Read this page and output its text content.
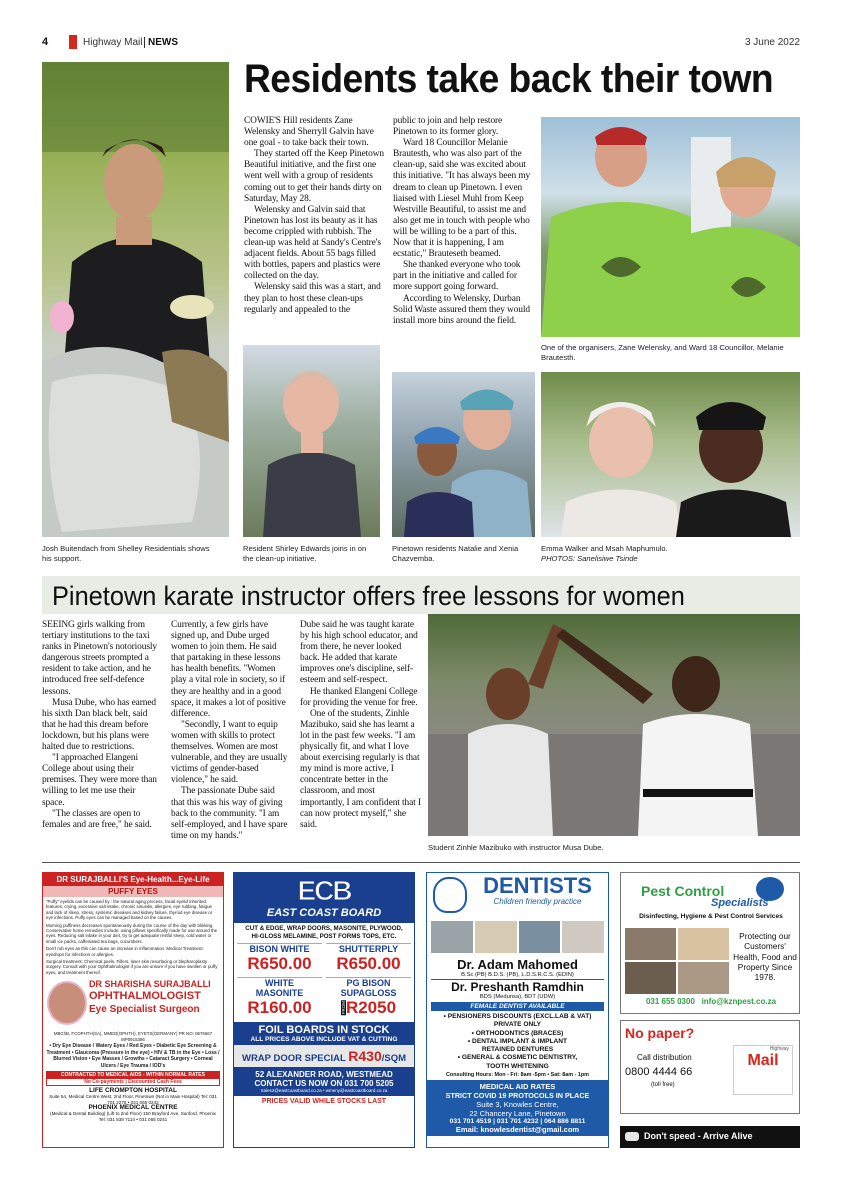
4	Highway Mail NEWS	3 June 2022
Residents take back their town
Josh Buitendach from Shelley Residentials shows his support.

COWIE'S Hill residents Zane Welensky and Sherryll Galvin have one goal - to take back their town.

They started off the Keep Pinetown Beautiful initiative, and the first one went well with a group of residents coming out to get their hands dirty on Saturday, May 28.

Welensky and Galvin said that Pinetown has lost its beauty as it has become crippled with rubbish. The clean-up was held at Sandy's Centre's adjacent fields. About 55 bags filled with bottles, papers and plastics were collected on the day.

Welensky said this was a start, and they plan to host these clean-ups regularly and appealed to the

public to join and help restore Pinetown to its former glory.

Ward 18 Councillor Melanie Brautesth, who was also part of the clean-up, said she was excited about this initiative. "It has always been my dream to clean up Pinetown. I even liaised with Liesel Muhl from Keep Westville Beautiful, to assist me and also get me in touch with people who will be willing to be a part of this. Now that it is happening, I am ecstatic," Brauteseth beamed.

She thanked everyone who took part in the initiative and called for more support going forward.

According to Welensky, Durban Solid Waste assured them they would install more bins around the field.

One of the organisers, Zane Welensky, and Ward 18 Councillor, Melanie Brautesth.
Resident Shirley Edwards joins in on the clean-up initiative.
Pinetown residents Natalie and Xenia Chazvemba.
Emma Walker and Msah Maphumulo.
PHOTOS: Sanelisiwe Tsinde
Pinetown karate instructor offers free lessons for women

SEEING girls walking from tertiary institutions to the taxi ranks in Pinetown's notoriously dangerous streets prompted a resident to take action, and he introduced free self-defence lessons.

Musa Dube, who has earned his sixth Dan black belt, said that he had this dream before lockdown, but his plans were halted due to restrictions.

"I approached Elangeni College about using their premises. They were more than willing to let me use their space.

"The classes are open to females and are free," he said.

Currently, a few girls have signed up, and Dube urged women to join them. He said that partaking in these lessons has health benefits. "Women play a vital role in society, so if they are healthy and in a good space, it makes a lot of positive difference.

"Secondly, I want to equip women with skills to protect themselves. Women are most vulnerable, and they are usually victims of gender-based violence," he said.

The passionate Dube said that this was his way of giving back to the community. "I am self-employed, and I have spare time on my hands."

Dube said he was taught karate by his high school educator, and from there, he never looked back. He added that karate improves one's discipline, self-esteem and self-respect.

He thanked Elangeni College for providing the venue for free.

One of the students, Zinhle Mazibuko, said she has learnt a lot in the past few weeks. "I am physically fit, and what I love about exercising regularly is that my mind is more active, I concentrate better in the classroom, and most importantly, I am confident that I can now protect myself," she said.

Student Zinhle Mazibuko with instructor Musa Dube.
DR SURAJBALLI'S Eye-Health...Eye-Life
PUFFY EYES

"Puffy" eyelids can be caused by : the natural aging process, facial eyelid inherited features, crying, excessive salt intake, chronic sinusitis, allergies, eye rubbing, fatigue and lack of sleep, stress, systemic diseases and kidney failure, thyroid eye disease or eye infections. Puffy eyes can be managed based on the causes.

Morning puffiness decreases spontaneously during the course of the day with blinking. Conservative home remedies include: using pillows specifically made for use around the eyes. Reducing salt intake in your diet, try to get adequate restful sleep, cold water or small ice packs, caffeinated tea bags, cucumbers.

Don't rub eyes as this can cause an increase in inflammation. Medical Treatment: eyedrops for infections or allergies.

Surgical treatment: Chemical peels, Fillers, laser skin resurfacing or blepharoplasty surgery. Consult with your Ophthalmologist if you are unsure if you have swollen or puffy eyes, and treatment thereof.

DR SHARISHA SURAJBALLI
OPHTHALMOLOGIST
Eye Specialist Surgeon
MBChB, FCOPHTH(SA), MMED(OPHTH), EYETS(GERMANY) PR NO: 0676667 MP0915386
• Dry Eye Disease / Watery Eyes / Red Eyes • Diabetic Eye Screening & Treatment • Glaucoma (Pressure in the eye) • HIV & TB in the Eye • Loss / Blurred Vision • Eye Masses / Growths • Cataract Surgery • Corneal Ulcers / Eye Trauma / IOD's
CONTRACTED TO MEDICAL AIDS - WITHIN NORMAL RATES
No Co-payments | Discounted Cash Fees
LIFE CROMPTON HOSPITAL
Suite 54, Medical Centre West, 2nd Floor, Pinetown (Not in Main Hospital) Tel: 031 701 2276 • 031 065 0242
PHOENIX MEDICAL CENTRE
(Medical & Dental Building) (Lift to 2nd Floor) 150 Brayford Ave, Sunford, Phoenix Tel: 031 538 7114 • 031 065 0241
ECB
EAST COAST BOARD
CUT & EDGE, WRAP DOORS, MASONITE, PLYWOOD,
HI-GLOSS MELAMINE, POST FORMS TOPS, ETC.
BISON WHITE
R650.00
SHUTTERPLY
R650.00
WHITE MASONITE
R160.00
PG BISON SUPAGLOSS
FROM R2050
FOIL BOARDS IN STOCK
ALL PRICES ABOVE INCLUDE VAT & CUTTING
WRAP DOOR SPECIAL R430/SQM
52 ALEXANDER ROAD, WESTMEAD
CONTACT US NOW ON 031 700 5205
Sales2@eastcoastboard.co.za • wmeny@eastcoastboard.co.za
PRICES VALID WHILE STOCKS LAST
DENTISTS
Children friendly practice
Dr. Adam Mahomed
B.Sc (PB) B.D.S. (PB), L.D.S.R.C.S. (EDIN)
Dr. Preshanth Ramdhin
BDS (Medunsa), BDT (UDW)
FEMALE DENTIST AVAILABLE
• PENSIONERS DISCOUNTS (EXCL.LAB & VAT)
PRIVATE ONLY
• ORTHODONTICS (BRACES)
• DENTAL IMPLANT & IMPLANT
RETAINED DENTURES
• GENERAL & COSMETIC DENTISTRY,
TOOTH WHITENING
Consulting Hours: Mon - Fri: 8am -5pm • Sat: 8am - 1pm
MEDICAL AID RATES
STRICT COVID 19 PROTOCOLS IN PLACE
Suite 3, Knowles Centre,
22 Chancery Lane, Pinetown
031 701 4519 | 031 701 4232 | 064 886 8811
Email: knowlesdentist@gmail.com
Pest Control
Specialists
Disinfecting, Hygiene & Pest Control Services
Protecting our Customers' Health, Food and Property Since 1978.
031 655 0300 info@kznpest.co.za
No paper?
Call distribution
0800 4444 66
(toll free)
Highway
Mail
Don't speed - Arrive Alive
